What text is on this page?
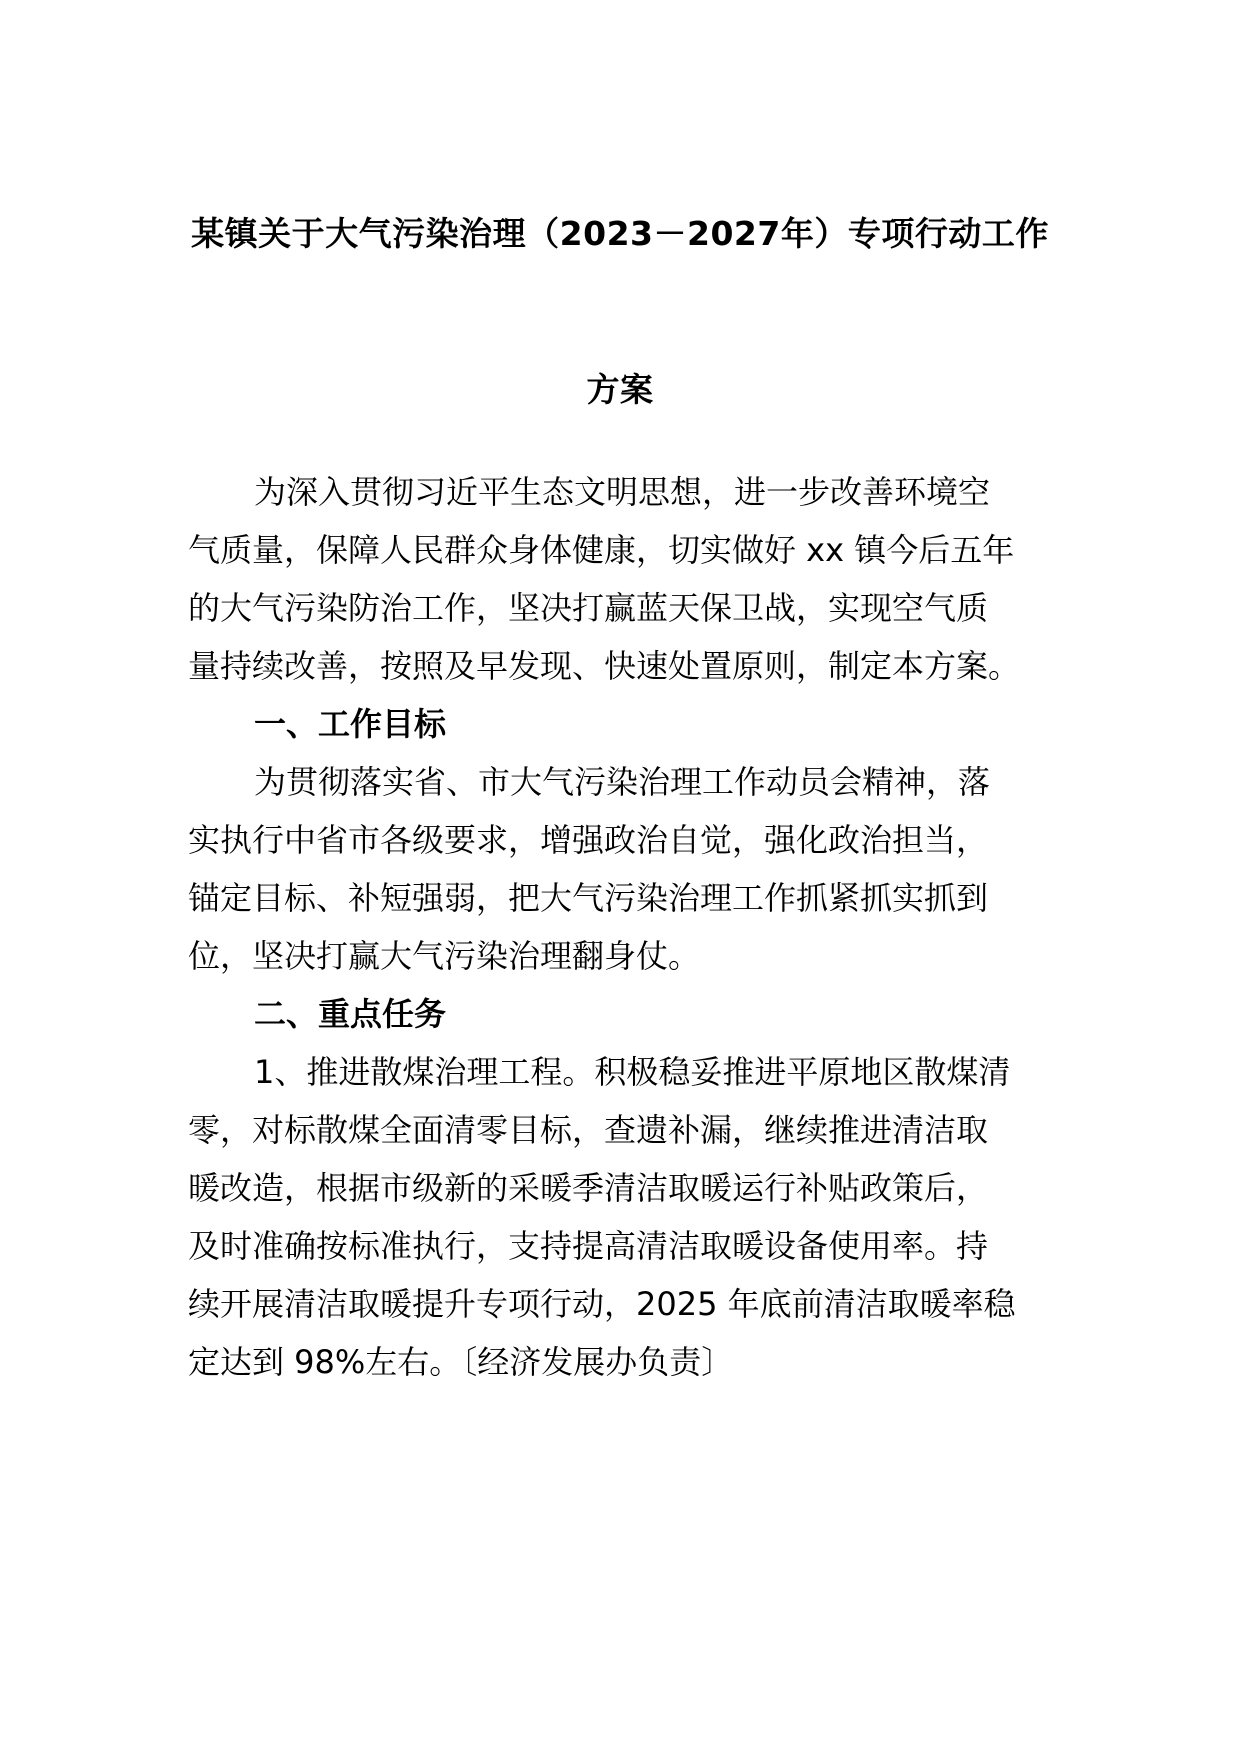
某镇关于大气污染治理（2023－2027年）专项行动工作
方案
为深入贯彻习近平生态文明思想，进一步改善环境空
气质量，保障人民群众身体健康，切实做好 xx 镇今后五年
的大气污染防治工作，坚决打赢蓝天保卫战，实现空气质
量持续改善，按照及早发现、快速处置原则，制定本方案。
一、工作目标
为贯彻落实省、市大气污染治理工作动员会精神，落
实执行中省市各级要求，增强政治自觉，强化政治担当，
锚定目标、补短强弱，把大气污染治理工作抓紧抓实抓到
位，坚决打赢大气污染治理翻身仗。
二、重点任务
1、推进散煤治理工程。积极稳妥推进平原地区散煤清
零，对标散煤全面清零目标，查遗补漏，继续推进清洁取
暖改造，根据市级新的采暖季清洁取暖运行补贴政策后，
及时准确按标准执行，支持提高清洁取暖设备使用率。持
续开展清洁取暖提升专项行动，2025 年底前清洁取暖率稳
定达到 98%左右。〔经济发展办负责〕
